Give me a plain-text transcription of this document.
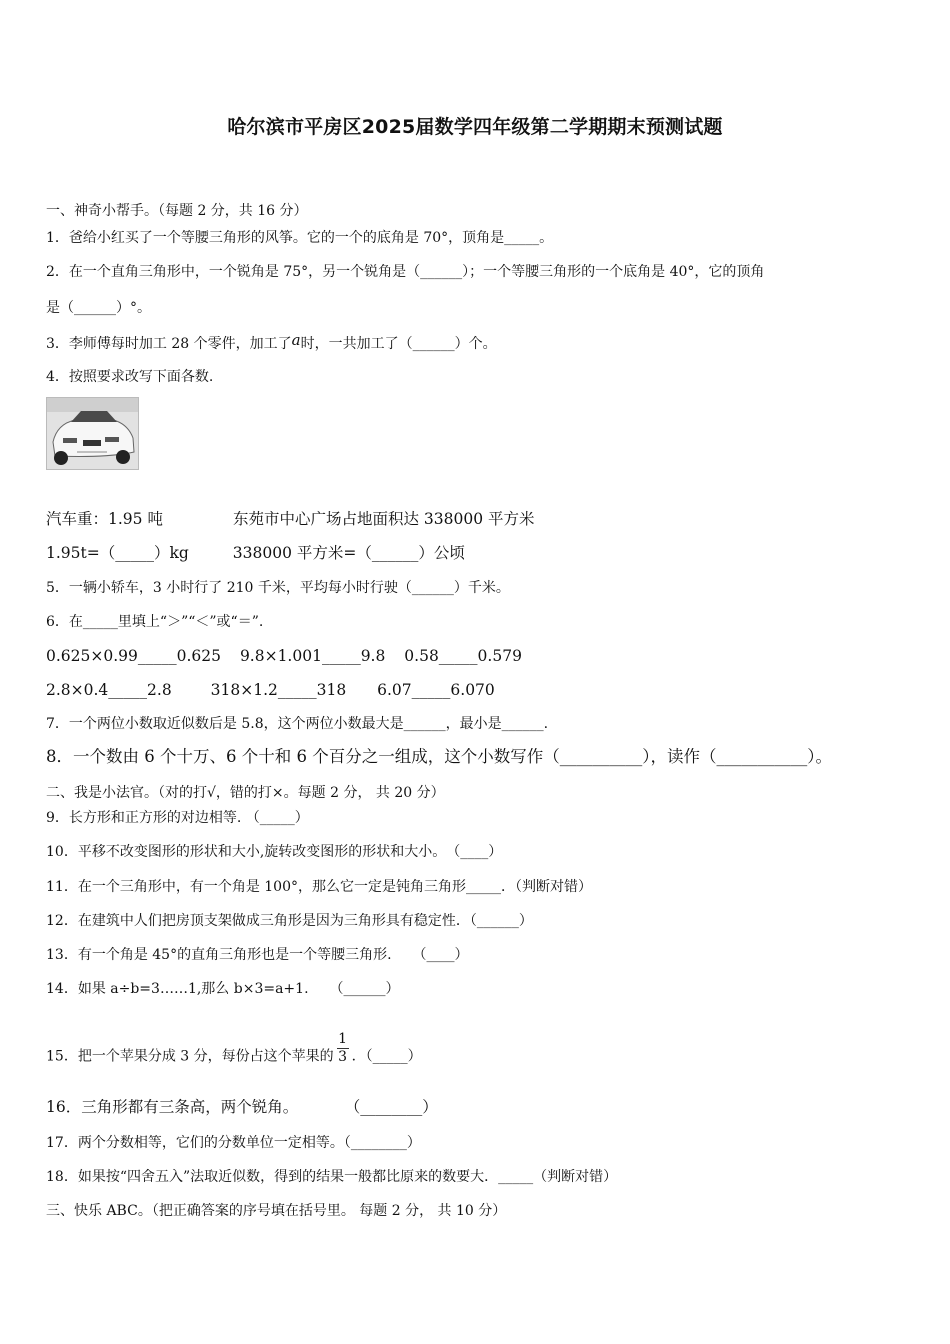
哈尔滨市平房区2025届数学四年级第二学期期末预测试题
一、神奇小帮手。（每题 2 分，共 16 分）
1．爸给小红买了一个等腰三角形的风筝。它的一个的底角是 70°，顶角是_____。
2．在一个直角三角形中，一个锐角是 75°，另一个锐角是（______）；一个等腰三角形的一个底角是 40°，它的顶角
是（______）°。
3．李师傅每时加工 28 个零件，加工了a时，一共加工了（______）个。
4．按照要求改写下面各数.
汽车重：1.95 吨	东苑市中心广场占地面积达 338000 平方米
1.95t=（_____）kg	338000 平方米=（______）公顷
5．一辆小轿车，3 小时行了 210 千米，平均每小时行驶（______）千米。
6．在_____里填上“＞”“＜”或“＝”.
0.625×0.99_____0.625 9.8×1.001_____9.8 0.58_____0.579
2.8×0.4_____2.8	318×1.2_____318 6.07_____6.070
7．一个两位小数取近似数后是 5.8，这个两位小数最大是______，最小是______.
8．一个数由 6 个十万、6 个十和 6 个百分之一组成，这个小数写作（__________），读作（___________）。
二、我是小法官。（对的打√，错的打×。每题 2 分， 共 20 分）
9．长方形和正方形的对边相等. （_____）
10．平移不改变图形的形状和大小,旋转改变图形的形状和大小。　（____）
11．在一个三角形中，有一个角是 100°，那么它一定是钝角三角形_____．（判断对错）
12．在建筑中人们把房顶支架做成三角形是因为三角形具有稳定性．（______）
13．有一个角是 45°的直角三角形也是一个等腰三角形.　　（____）
14．如果 a÷b=3……1,那么 b×3=a+1.　　（______）
15．把一个苹果分成 3 分，每份占这个苹果的 $\frac{1}{3}$ ．（_____）
16．三角形都有三条高，两个锐角。　　　　（________）
17．两个分数相等，它们的分数单位一定相等。（________）
18．如果按“四舍五入”法取近似数，得到的结果一般都比原来的数要大．_____（判断对错）
三、快乐 ABC。（把正确答案的序号填在括号里。 每题 2 分， 共 10 分）
